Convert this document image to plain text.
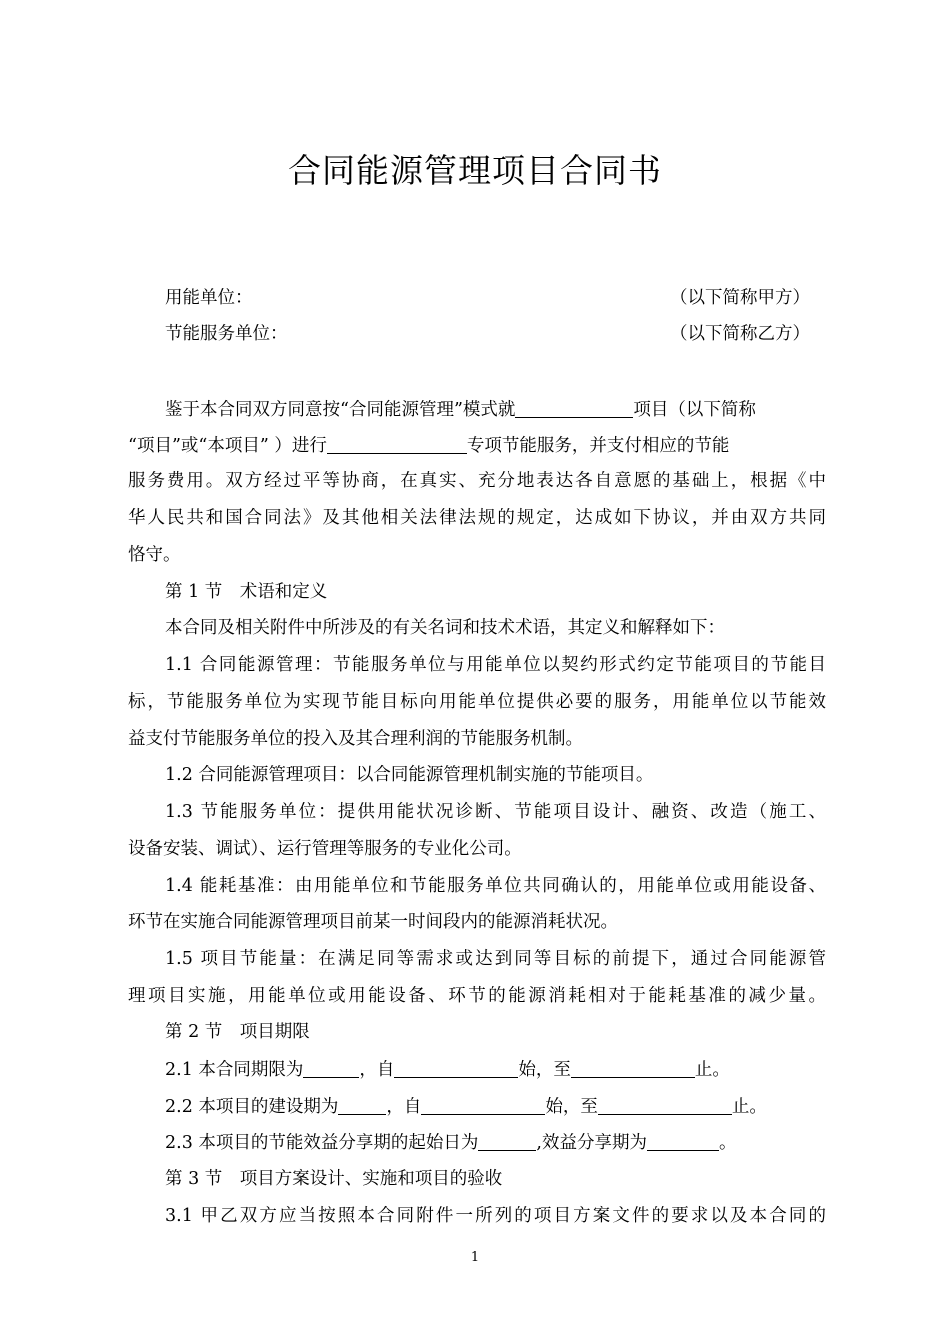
合同能源管理项目合同书
用能单位：	（以下简称甲方）
节能服务单位：	（以下简称乙方）
鉴于本合同双方同意按“合同能源管理”模式就	项目（以下简称
“项目”或“本项目” ）进行	专项节能服务，并支付相应的节能
服务费用。双方经过平等协商，在真实、充分地表达各自意愿的基础上，根据《中
华人民共和国合同法》及其他相关法律法规的规定，达成如下协议，并由双方共同
恪守。
第 1 节　术语和定义
本合同及相关附件中所涉及的有关名词和技术术语，其定义和解释如下：
1.1 合同能源管理：节能服务单位与用能单位以契约形式约定节能项目的节能目
标，节能服务单位为实现节能目标向用能单位提供必要的服务，用能单位以节能效
益支付节能服务单位的投入及其合理利润的节能服务机制。
1.2 合同能源管理项目：以合同能源管理机制实施的节能项目。
1.3 节能服务单位：提供用能状况诊断、节能项目设计、融资、改造（施工、
设备安装、调试）、运行管理等服务的专业化公司。
1.4 能耗基准：由用能单位和节能服务单位共同确认的，用能单位或用能设备、
环节在实施合同能源管理项目前某一时间段内的能源消耗状况。
1.5 项目节能量：在满足同等需求或达到同等目标的前提下，通过合同能源管
理项目实施，用能单位或用能设备、环节的能源消耗相对于能耗基准的减少量。
第 2 节　项目期限
2.1 本合同期限为	，自	始，至	止。
2.2 本项目的建设期为	，自	始，至	止。
2.3 本项目的节能效益分享期的起始日为	,效益分享期为	。
第 3 节　项目方案设计、实施和项目的验收
3.1 甲乙双方应当按照本合同附件一所列的项目方案文件的要求以及本合同的
1
